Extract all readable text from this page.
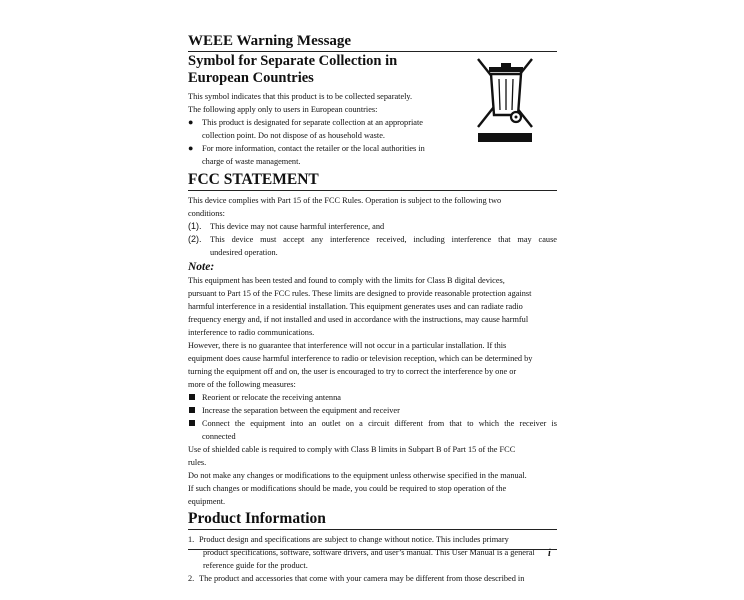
WEEE Warning Message
Symbol for Separate Collection in
European Countries

This symbol indicates that this product is to be collected separately.

The following apply only to users in European countries:

●	This product is designated for separate collection at an appropriate
collection point. Do not dispose of as household waste.
●	For more information, contact the retailer or the local authorities in
charge of waste management.
FCC STATEMENT

This device complies with Part 15 of the FCC Rules. Operation is subject to the following two

conditions:

(1).	This device may not cause harmful interference, and
(2).	This device must accept any interference received, including interference that may cause
undesired operation.
Note:

This equipment has been tested and found to comply with the limits for Class B digital devices,

pursuant to Part 15 of the FCC rules. These limits are designed to provide reasonable protection against

harmful interference in a residential installation. This equipment generates uses and can radiate radio

frequency energy and, if not installed and used in accordance with the instructions, may cause harmful

interference to radio communications.

However, there is no guarantee that interference will not occur in a particular installation. If this

equipment does cause harmful interference to radio or television reception, which can be determined by

turning the equipment off and on, the user is encouraged to try to correct the interference by one or

more of the following measures:

Reorient or relocate the receiving antenna
Increase the separation between the equipment and receiver
Connect the equipment into an outlet on a circuit different from that to which the receiver is
connected

Use of shielded cable is required to comply with Class B limits in Subpart B of Part 15 of the FCC

rules.

Do not make any changes or modifications to the equipment unless otherwise specified in the manual.

If such changes or modifications should be made, you could be required to stop operation of the

equipment.

Product Information
1. Product design and specifications are subject to change without notice. This includes primary
product specifications, software, software drivers, and user’s manual. This User Manual is a general
reference guide for the product.
2. The product and accessories that come with your camera may be different from those described in
i
